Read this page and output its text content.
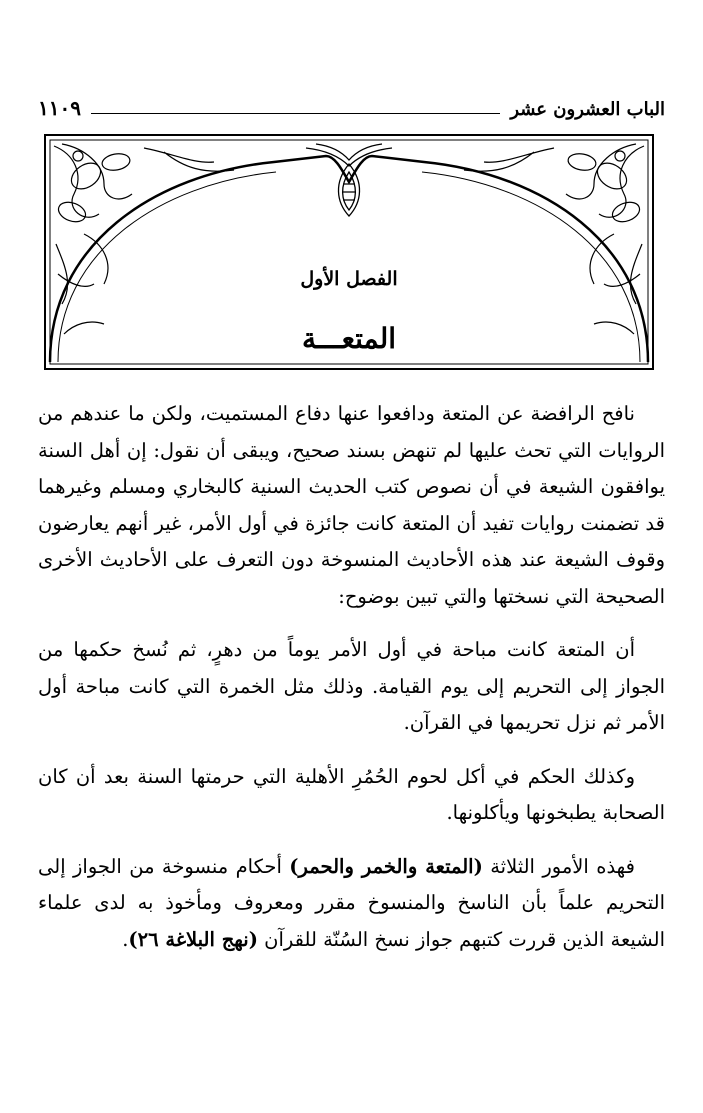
الباب العشرون عشر
١١٠٩
الفصل الأول
المتعـــة

نافح الرافضة عن المتعة ودافعوا عنها دفاع المستميت، ولكن ما عندهم من الروايات التي تحث عليها لم تنهض بسند صحيح، ويبقى أن نقول: إن أهل السنة يوافقون الشيعة في أن نصوص كتب الحديث السنية كالبخاري ومسلم وغيرهما قد تضمنت روايات تفيد أن المتعة كانت جائزة في أول الأمر، غير أنهم يعارضون وقوف الشيعة عند هذه الأحاديث المنسوخة دون التعرف على الأحاديث الأخرى الصحيحة التي نسختها والتي تبين بوضوح:

أن المتعة كانت مباحة في أول الأمر يوماً من دهرٍ، ثم نُسخ حكمها من الجواز إلى التحريم إلى يوم القيامة. وذلك مثل الخمرة التي كانت مباحة أول الأمر ثم نزل تحريمها في القرآن.

وكذلك الحكم في أكل لحوم الحُمُرِ الأهلية التي حرمتها السنة بعد أن كان الصحابة يطبخونها ويأكلونها.

فهذه الأمور الثلاثة (المتعة والخمر والحمر) أحكام منسوخة من الجواز إلى التحريم علماً بأن الناسخ والمنسوخ مقرر ومعروف ومأخوذ به لدى علماء الشيعة الذين قررت كتبهم جواز نسخ السُنّة للقرآن (نهج البلاغة ٢٦).
